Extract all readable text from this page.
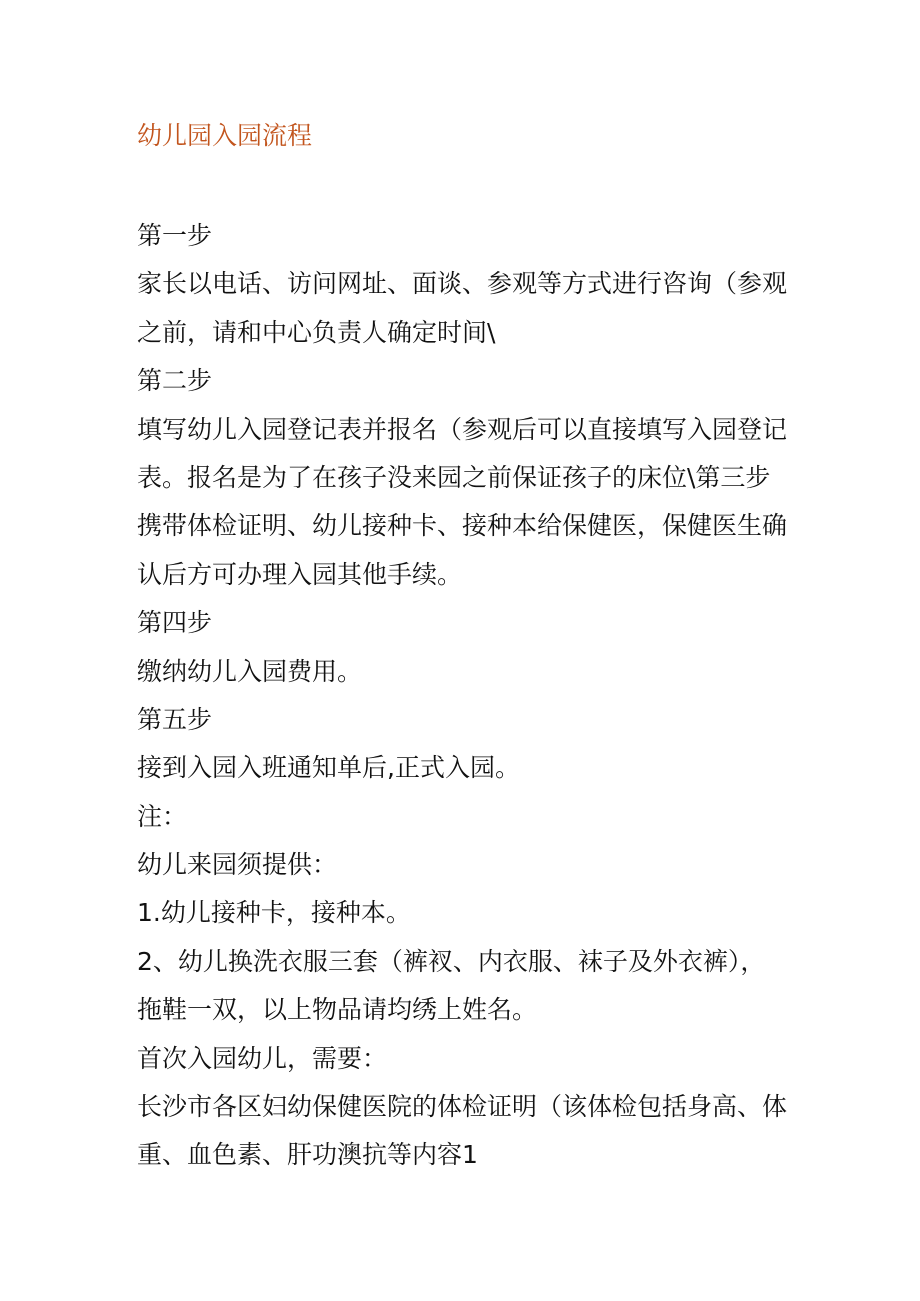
幼儿园入园流程

第一步

家长以电话、访问网址、面谈、参观等方式进行咨询（参观

之前，请和中心负责人确定时间\

第二步

填写幼儿入园登记表并报名（参观后可以直接填写入园登记

表。报名是为了在孩子没来园之前保证孩子的床位\第三步

携带体检证明、幼儿接种卡、接种本给保健医，保健医生确

认后方可办理入园其他手续。

第四步

缴纳幼儿入园费用。

第五步

接到入园入班通知单后,正式入园。

注：

幼儿来园须提供：

1.幼儿接种卡，接种本。

2、幼儿换洗衣服三套（裤衩、内衣服、袜子及外衣裤），

拖鞋一双，以上物品请均绣上姓名。

首次入园幼儿，需要：

长沙市各区妇幼保健医院的体检证明（该体检包括身高、体

重、血色素、肝功澳抗等内容1
